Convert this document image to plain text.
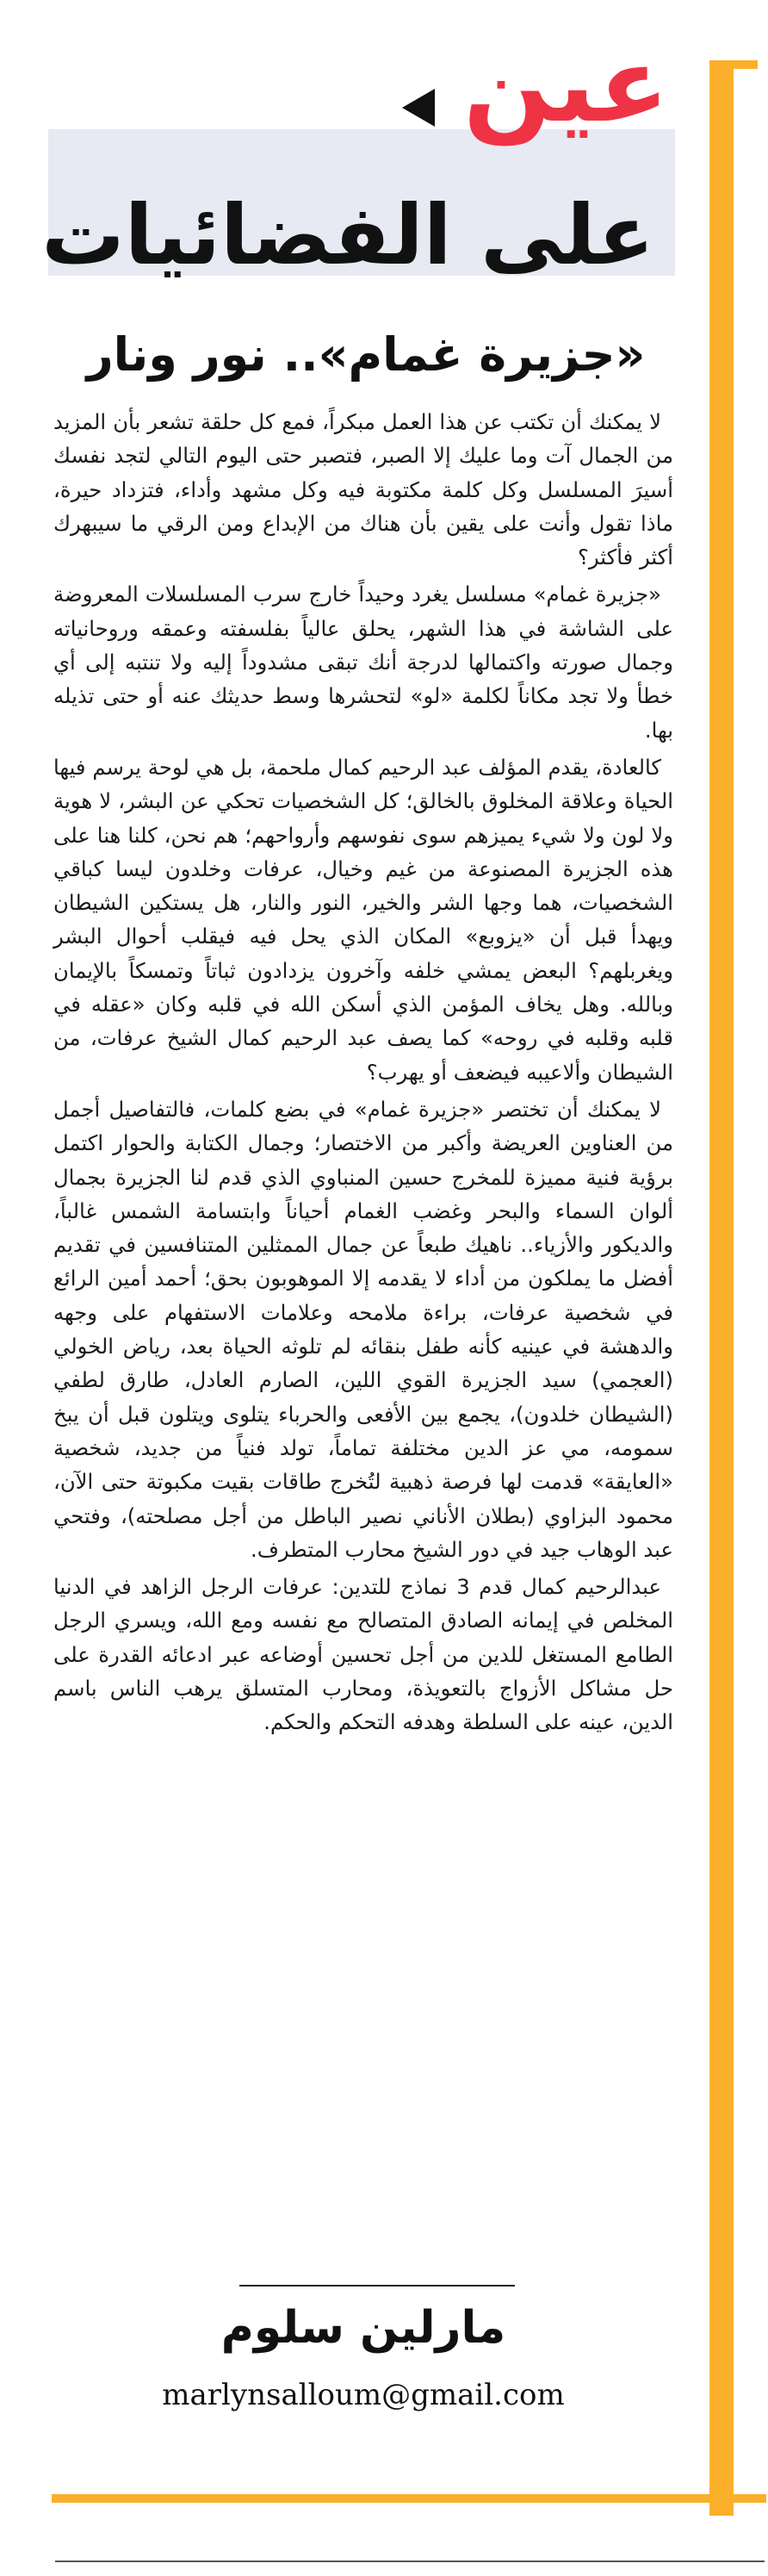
عين
على الفضائيات
«جزيرة غمام».. نور ونار

لا يمكنك أن تكتب عن هذا العمل مبكراً، فمع كل حلقة تشعر بأن المزيد من الجمال آت وما عليك إلا الصبر، فتصبر حتى اليوم التالي لتجد نفسك أسيرَ المسلسل وكل كلمة مكتوبة فيه وكل مشهد وأداء، فتزداد حيرة، ماذا تقول وأنت على يقين بأن هناك من الإبداع ومن الرقي ما سيبهرك أكثر فأكثر؟

«جزيرة غمام» مسلسل يغرد وحيداً خارج سرب المسلسلات المعروضة على الشاشة في هذا الشهر، يحلق عالياً بفلسفته وعمقه وروحانياته وجمال صورته واكتمالها لدرجة أنك تبقى مشدوداً إليه ولا تنتبه إلى أي خطأ ولا تجد مكاناً لكلمة «لو» لتحشرها وسط حديثك عنه أو حتى تذيله بها.

كالعادة، يقدم المؤلف عبد الرحيم كمال ملحمة، بل هي لوحة يرسم فيها الحياة وعلاقة المخلوق بالخالق؛ كل الشخصيات تحكي عن البشر، لا هوية ولا لون ولا شيء يميزهم سوى نفوسهم وأرواحهم؛ هم نحن، كلنا هنا على هذه الجزيرة المصنوعة من غيم وخيال، عرفات وخلدون ليسا كباقي الشخصيات، هما وجها الشر والخير، النور والنار، هل يستكين الشيطان ويهدأ قبل أن «يزوبع» المكان الذي يحل فيه فيقلب أحوال البشر ويغربلهم؟ البعض يمشي خلفه وآخرون يزدادون ثباتاً وتمسكاً بالإيمان وبالله. وهل يخاف المؤمن الذي أسكن الله في قلبه وكان «عقله في قلبه وقلبه في روحه» كما يصف عبد الرحيم كمال الشيخ عرفات، من الشيطان وألاعيبه فيضعف أو يهرب؟

لا يمكنك أن تختصر «جزيرة غمام» في بضع كلمات، فالتفاصيل أجمل من العناوين العريضة وأكبر من الاختصار؛ وجمال الكتابة والحوار اكتمل برؤية فنية مميزة للمخرج حسين المنباوي الذي قدم لنا الجزيرة بجمال ألوان السماء والبحر وغضب الغمام أحياناً وابتسامة الشمس غالباً، والديكور والأزياء.. ناهيك طبعاً عن جمال الممثلين المتنافسين في تقديم أفضل ما يملكون من أداء لا يقدمه إلا الموهوبون بحق؛ أحمد أمين الرائع في شخصية عرفات، براءة ملامحه وعلامات الاستفهام على وجهه والدهشة في عينيه كأنه طفل بنقائه لم تلوثه الحياة بعد، رياض الخولي (العجمي) سيد الجزيرة القوي اللين، الصارم العادل، طارق لطفي (الشيطان خلدون)، يجمع بين الأفعى والحرباء يتلوى ويتلون قبل أن يبخ سمومه، مي عز الدين مختلفة تماماً، تولد فنياً من جديد، شخصية «العايقة» قدمت لها فرصة ذهبية لتُخرج طاقات بقيت مكبوتة حتى الآن، محمود البزاوي (بطلان الأناني نصير الباطل من أجل مصلحته)، وفتحي عبد الوهاب جيد في دور الشيخ محارب المتطرف.

عبدالرحيم كمال قدم 3 نماذج للتدين: عرفات الرجل الزاهد في الدنيا المخلص في إيمانه الصادق المتصالح مع نفسه ومع الله، ويسري الرجل الطامع المستغل للدين من أجل تحسين أوضاعه عبر ادعائه القدرة على حل مشاكل الأزواج بالتعويذة، ومحارب المتسلق يرهب الناس باسم الدين، عينه على السلطة وهدفه التحكم والحكم.

مارلين سلوم
marlynsalloum@gmail.com
